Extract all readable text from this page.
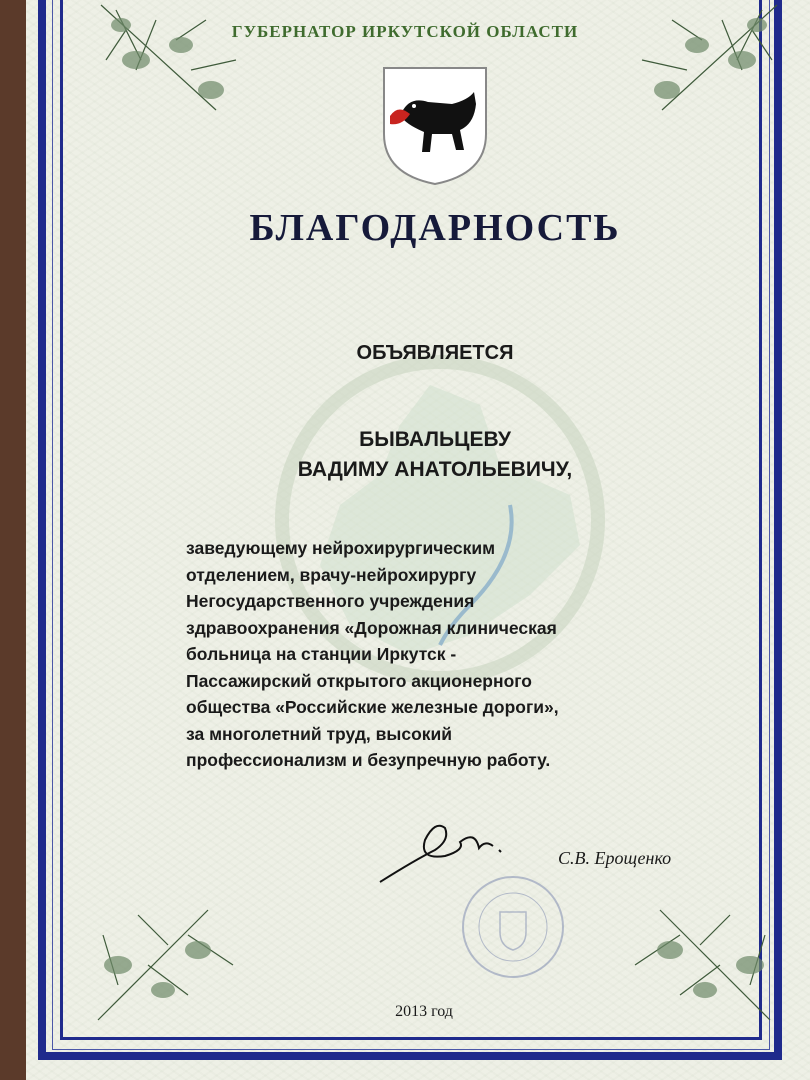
ГУБЕРНАТОР ИРКУТСКОЙ ОБЛАСТИ
БЛАГОДАРНОСТЬ
ОБЪЯВЛЯЕТСЯ
БЫВАЛЬЦЕВУ
ВАДИМУ АНАТОЛЬЕВИЧУ,
заведующему нейрохирургическим
отделением, врачу-нейрохирургу
Негосударственного учреждения
здравоохранения «Дорожная клиническая
больница на станции Иркутск -
Пассажирский открытого акционерного
общества «Российские железные дороги»,
за многолетний труд, высокий
профессионализм и безупречную работу.
С.В. Ерощенко
2013 год
